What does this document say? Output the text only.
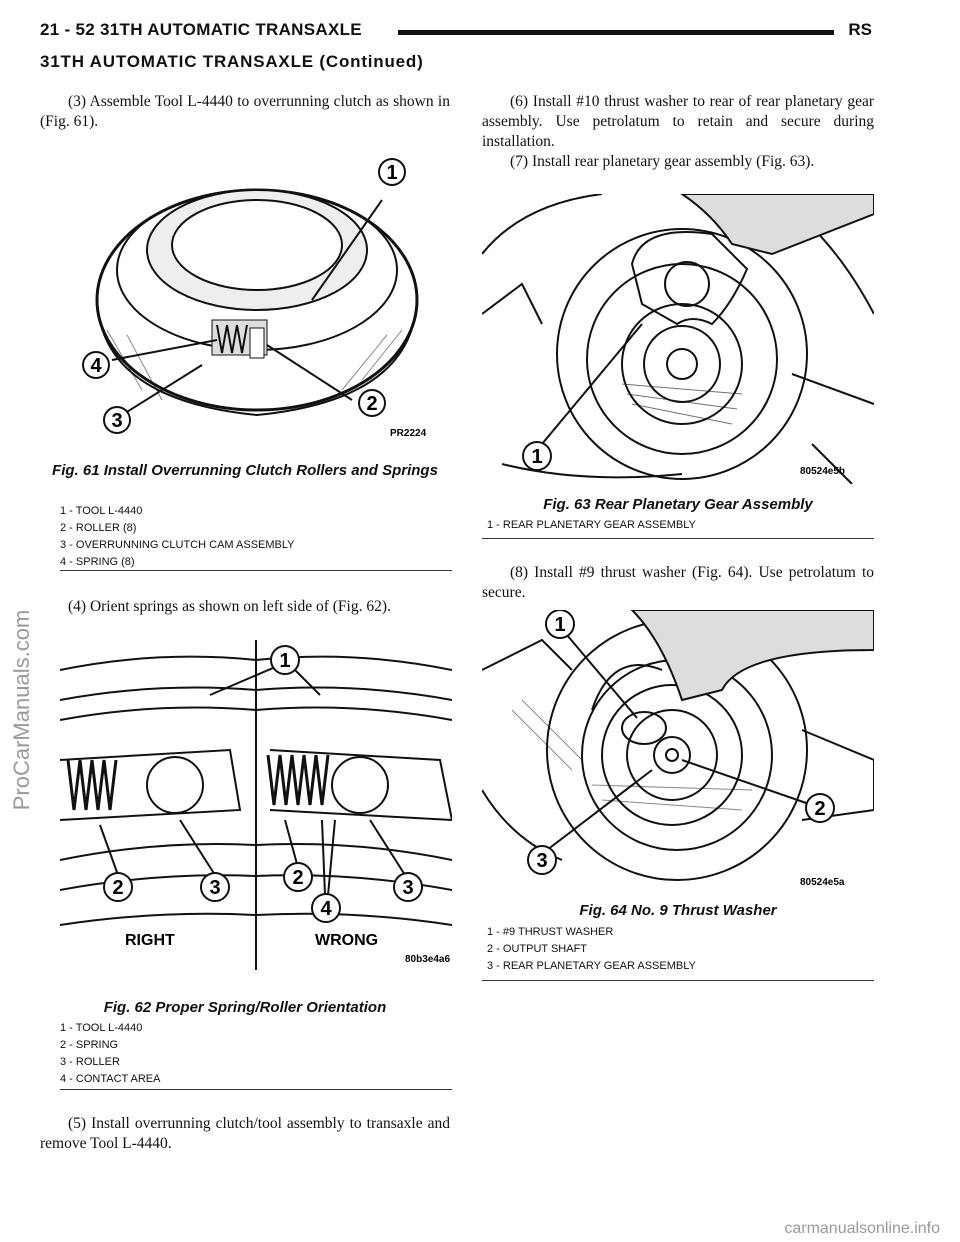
21 - 52 31TH AUTOMATIC TRANSAXLE	RS
31TH AUTOMATIC TRANSAXLE (Continued)
(3) Assemble Tool L-4440 to overrunning clutch as shown in (Fig. 61).
1
2
3
4
PR2224
Fig. 61 Install Overrunning Clutch Rollers and Springs
1 - TOOL L-4440
2 - ROLLER (8)
3 - OVERRUNNING CLUTCH CAM ASSEMBLY
4 - SPRING (8)
(4) Orient springs as shown on left side of (Fig. 62).
1
2	3	2
4
3
RIGHT	WRONG
80b3e4a6
Fig. 62 Proper Spring/Roller Orientation
1 - TOOL L-4440
2 - SPRING
3 - ROLLER
4 - CONTACT AREA
(5) Install overrunning clutch/tool assembly to transaxle and remove Tool L-4440.
(6) Install #10 thrust washer to rear of rear planetary gear assembly. Use petrolatum to retain and secure during installation.
(7) Install rear planetary gear assembly (Fig. 63).
1
80524e5b
Fig. 63 Rear Planetary Gear Assembly
1 - REAR PLANETARY GEAR ASSEMBLY
(8) Install #9 thrust washer (Fig. 64). Use petrolatum to secure.
1
2
3
80524e5a
Fig. 64 No. 9 Thrust Washer
1 - #9 THRUST WASHER
2 - OUTPUT SHAFT
3 - REAR PLANETARY GEAR ASSEMBLY
ProCarManuals.com
carmanualsonline.info
